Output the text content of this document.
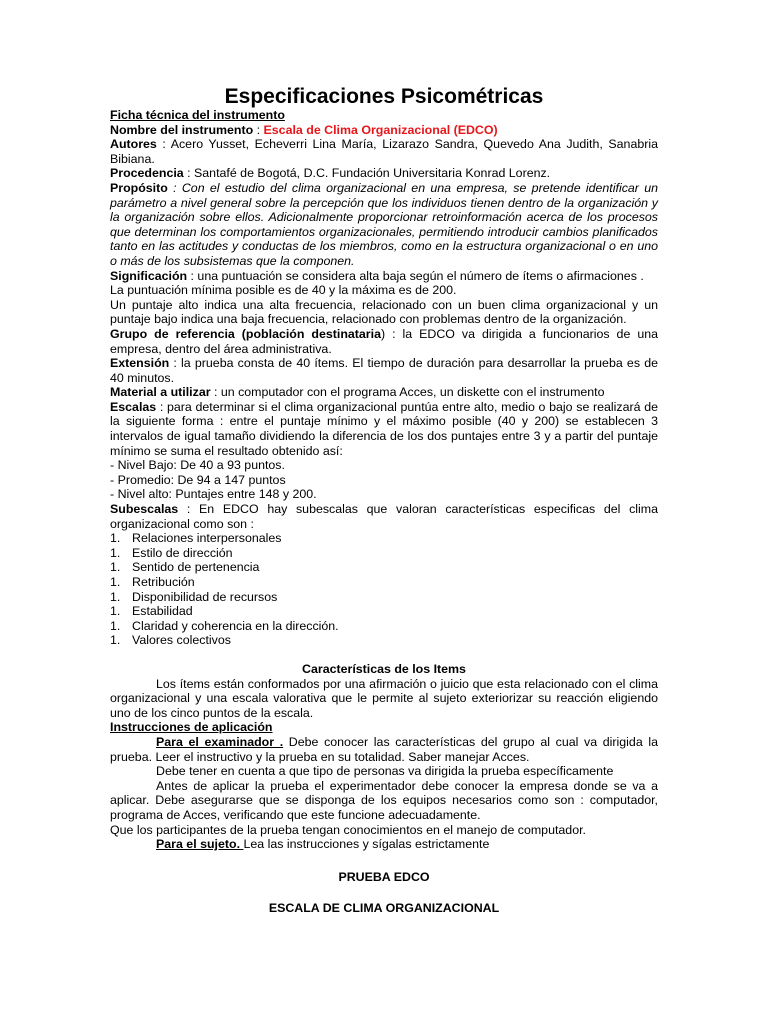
Especificaciones Psicométricas

Ficha técnica del instrumento

Nombre del instrumento : Escala de Clima Organizacional (EDCO)

Autores : Acero Yusset, Echeverri Lina María, Lizarazo Sandra, Quevedo Ana Judith, Sanabria Bibiana.

Procedencia : Santafé de Bogotá, D.C. Fundación Universitaria Konrad Lorenz.

Propósito : Con el estudio del clima organizacional en una empresa, se pretende identificar un parámetro a nivel general sobre la percepción que los individuos tienen dentro de la organización y la organización sobre ellos. Adicionalmente proporcionar retroinformación acerca de los procesos que determinan los comportamientos organizacionales, permitiendo introducir cambios planificados tanto en las actitudes y conductas de los miembros, como en la estructura organizacional o en uno o más de los subsistemas que la componen.

Significación : una puntuación se considera alta baja según el número de ítems o afirmaciones . La puntuación mínima posible es de 40 y la máxima es de 200.

Un puntaje alto indica una alta frecuencia, relacionado con un buen clima organizacional y un puntaje bajo indica una baja frecuencia, relacionado con problemas dentro de la organización.

Grupo de referencia (población destinataria) : la EDCO va dirigida a funcionarios de una empresa, dentro del área administrativa.

Extensión : la prueba consta de 40 ítems. El tiempo de duración para desarrollar la prueba es de 40 minutos.

Material a utilizar : un computador con el programa Acces, un diskette con el instrumento

Escalas : para determinar si el clima organizacional puntúa entre alto, medio o bajo se realizará de la siguiente forma : entre el puntaje mínimo y el máximo posible (40 y 200) se establecen 3 intervalos de igual tamaño dividiendo la diferencia de los dos puntajes entre 3 y a partir del puntaje mínimo se suma el resultado obtenido así:

- Nivel Bajo: De 40 a 93 puntos.

- Promedio: De 94 a 147 puntos

- Nivel alto: Puntajes entre 148 y 200.

Subescalas : En EDCO hay subescalas que valoran características especificas del clima organizacional como son :

1. Relaciones interpersonales
1. Estilo de dirección
1. Sentido de pertenencia
1. Retribución
1. Disponibilidad de recursos
1. Estabilidad
1. Claridad y coherencia en la dirección.
1. Valores colectivos

Características de los Items

Los ítems están conformados por una afirmación o juicio que esta relacionado con el clima organizacional y una escala valorativa que le permite al sujeto exteriorizar su reacción eligiendo uno de los cinco puntos de la escala.

Instrucciones de aplicación

Para el examinador . Debe conocer las características del grupo al cual va dirigida la prueba. Leer el instructivo y la prueba en su totalidad. Saber manejar Acces.

Debe tener en cuenta a que tipo de personas va dirigida la prueba específicamente

Antes de aplicar la prueba el experimentador debe conocer la empresa donde se va a aplicar. Debe asegurarse que se disponga de los equipos necesarios como son : computador, programa de Acces, verificando que este funcione adecuadamente.

Que los participantes de la prueba tengan conocimientos en el manejo de computador.

Para el sujeto. Lea las instrucciones y sígalas estrictamente

PRUEBA EDCO

ESCALA DE CLIMA ORGANIZACIONAL
